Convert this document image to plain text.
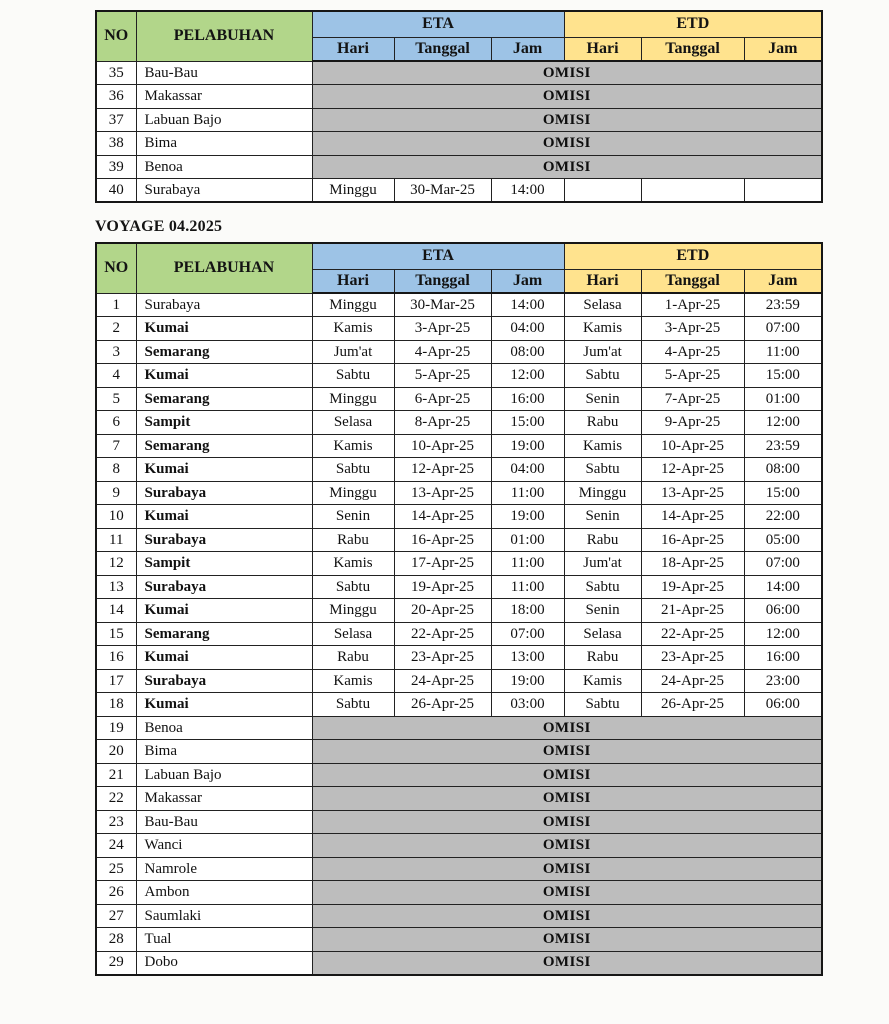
NO	PELABUHAN	ETA			ETD		
		Hari	Tanggal	Jam	Hari	Tanggal	Jam
35	Bau-Bau	OMISI					
36	Makassar	OMISI					
37	Labuan Bajo	OMISI					
38	Bima	OMISI					
39	Benoa	OMISI					
40	Surabaya	Minggu	30-Mar-25	14:00			
VOYAGE 04.2025
NO	PELABUHAN	ETA			ETD		
		Hari	Tanggal	Jam	Hari	Tanggal	Jam
1	Surabaya	Minggu	30-Mar-25	14:00	Selasa	1-Apr-25	23:59
2	Kumai	Kamis	3-Apr-25	04:00	Kamis	3-Apr-25	07:00
3	Semarang	Jum'at	4-Apr-25	08:00	Jum'at	4-Apr-25	11:00
4	Kumai	Sabtu	5-Apr-25	12:00	Sabtu	5-Apr-25	15:00
5	Semarang	Minggu	6-Apr-25	16:00	Senin	7-Apr-25	01:00
6	Sampit	Selasa	8-Apr-25	15:00	Rabu	9-Apr-25	12:00
7	Semarang	Kamis	10-Apr-25	19:00	Kamis	10-Apr-25	23:59
8	Kumai	Sabtu	12-Apr-25	04:00	Sabtu	12-Apr-25	08:00
9	Surabaya	Minggu	13-Apr-25	11:00	Minggu	13-Apr-25	15:00
10	Kumai	Senin	14-Apr-25	19:00	Senin	14-Apr-25	22:00
11	Surabaya	Rabu	16-Apr-25	01:00	Rabu	16-Apr-25	05:00
12	Sampit	Kamis	17-Apr-25	11:00	Jum'at	18-Apr-25	07:00
13	Surabaya	Sabtu	19-Apr-25	11:00	Sabtu	19-Apr-25	14:00
14	Kumai	Minggu	20-Apr-25	18:00	Senin	21-Apr-25	06:00
15	Semarang	Selasa	22-Apr-25	07:00	Selasa	22-Apr-25	12:00
16	Kumai	Rabu	23-Apr-25	13:00	Rabu	23-Apr-25	16:00
17	Surabaya	Kamis	24-Apr-25	19:00	Kamis	24-Apr-25	23:00
18	Kumai	Sabtu	26-Apr-25	03:00	Sabtu	26-Apr-25	06:00
19	Benoa	OMISI					
20	Bima	OMISI					
21	Labuan Bajo	OMISI					
22	Makassar	OMISI					
23	Bau-Bau	OMISI					
24	Wanci	OMISI					
25	Namrole	OMISI					
26	Ambon	OMISI					
27	Saumlaki	OMISI					
28	Tual	OMISI					
29	Dobo	OMISI					
